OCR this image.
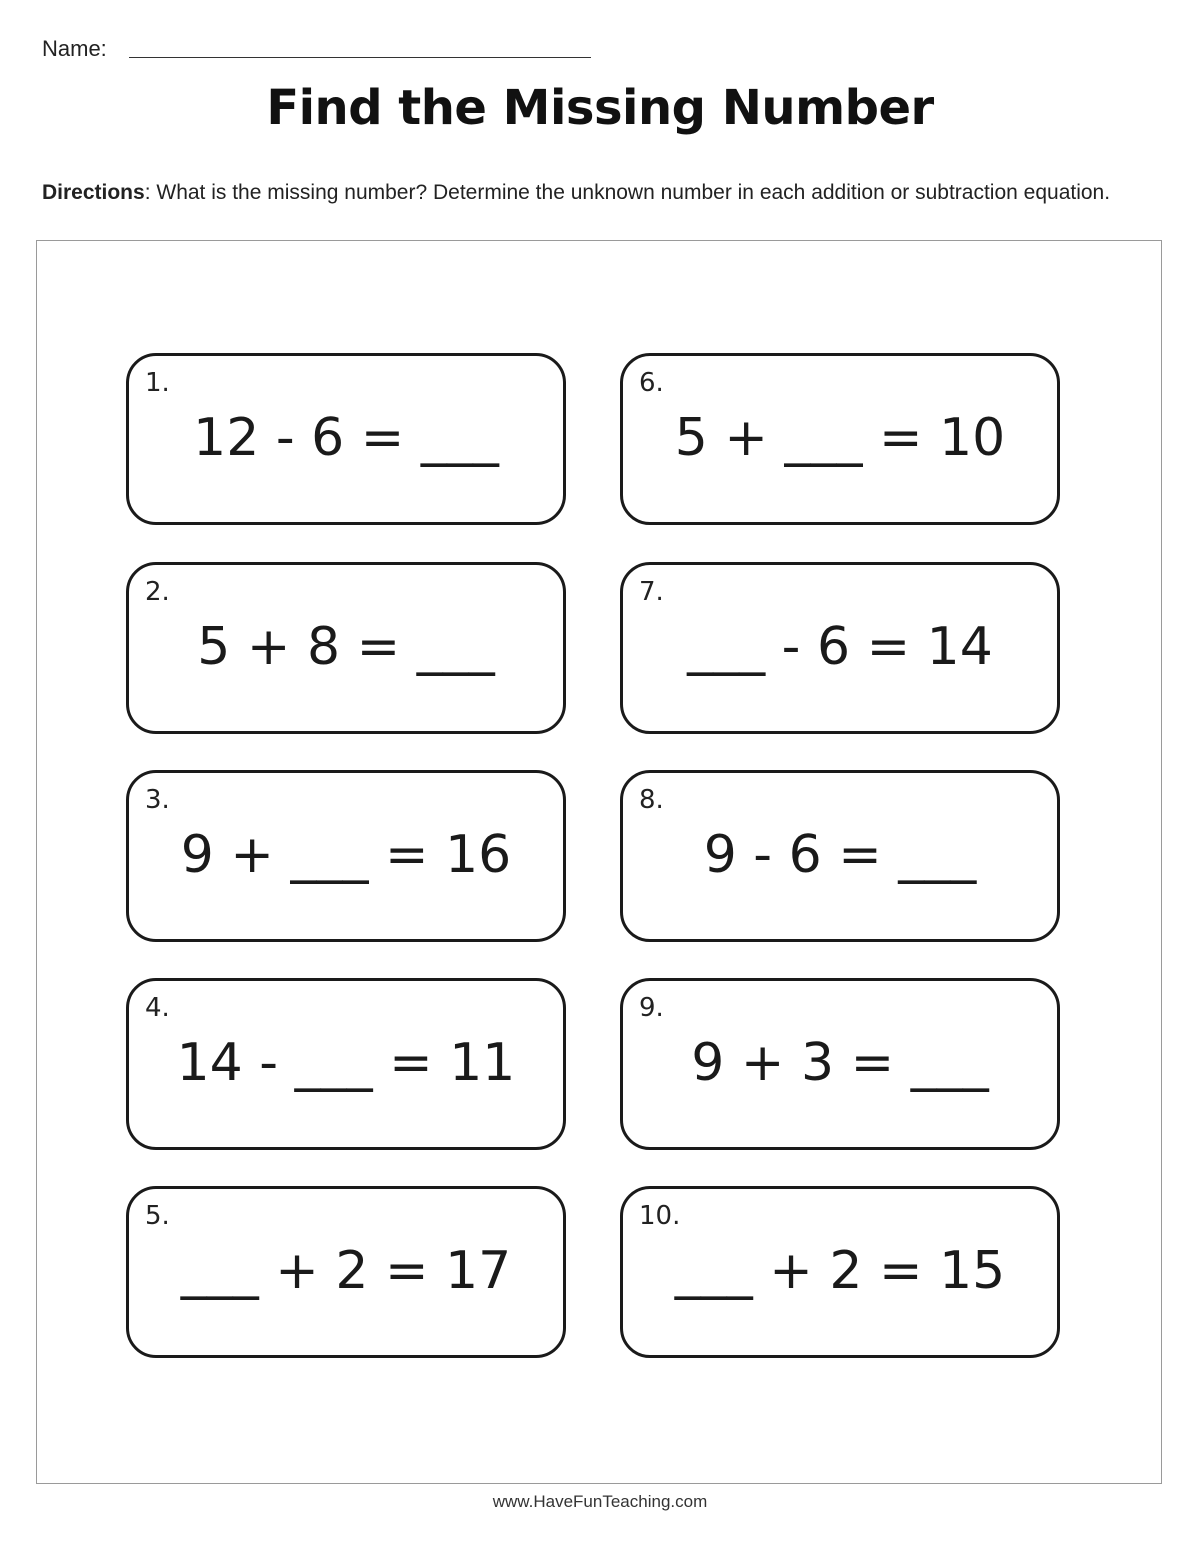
Name:
Find the Missing Number
Directions: What is the missing number? Determine the unknown number in each addition or subtraction equation.
1.
12 - 6 = ___
2.
5 + 8 = ___
3.
9 + ___ = 16
4.
14 - ___ = 11
5.
___ + 2 = 17
6.
5 + ___ = 10
7.
___ - 6 = 14
8.
9 - 6 = ___
9.
9 + 3 = ___
10.
___ + 2 = 15
www.HaveFunTeaching.com
